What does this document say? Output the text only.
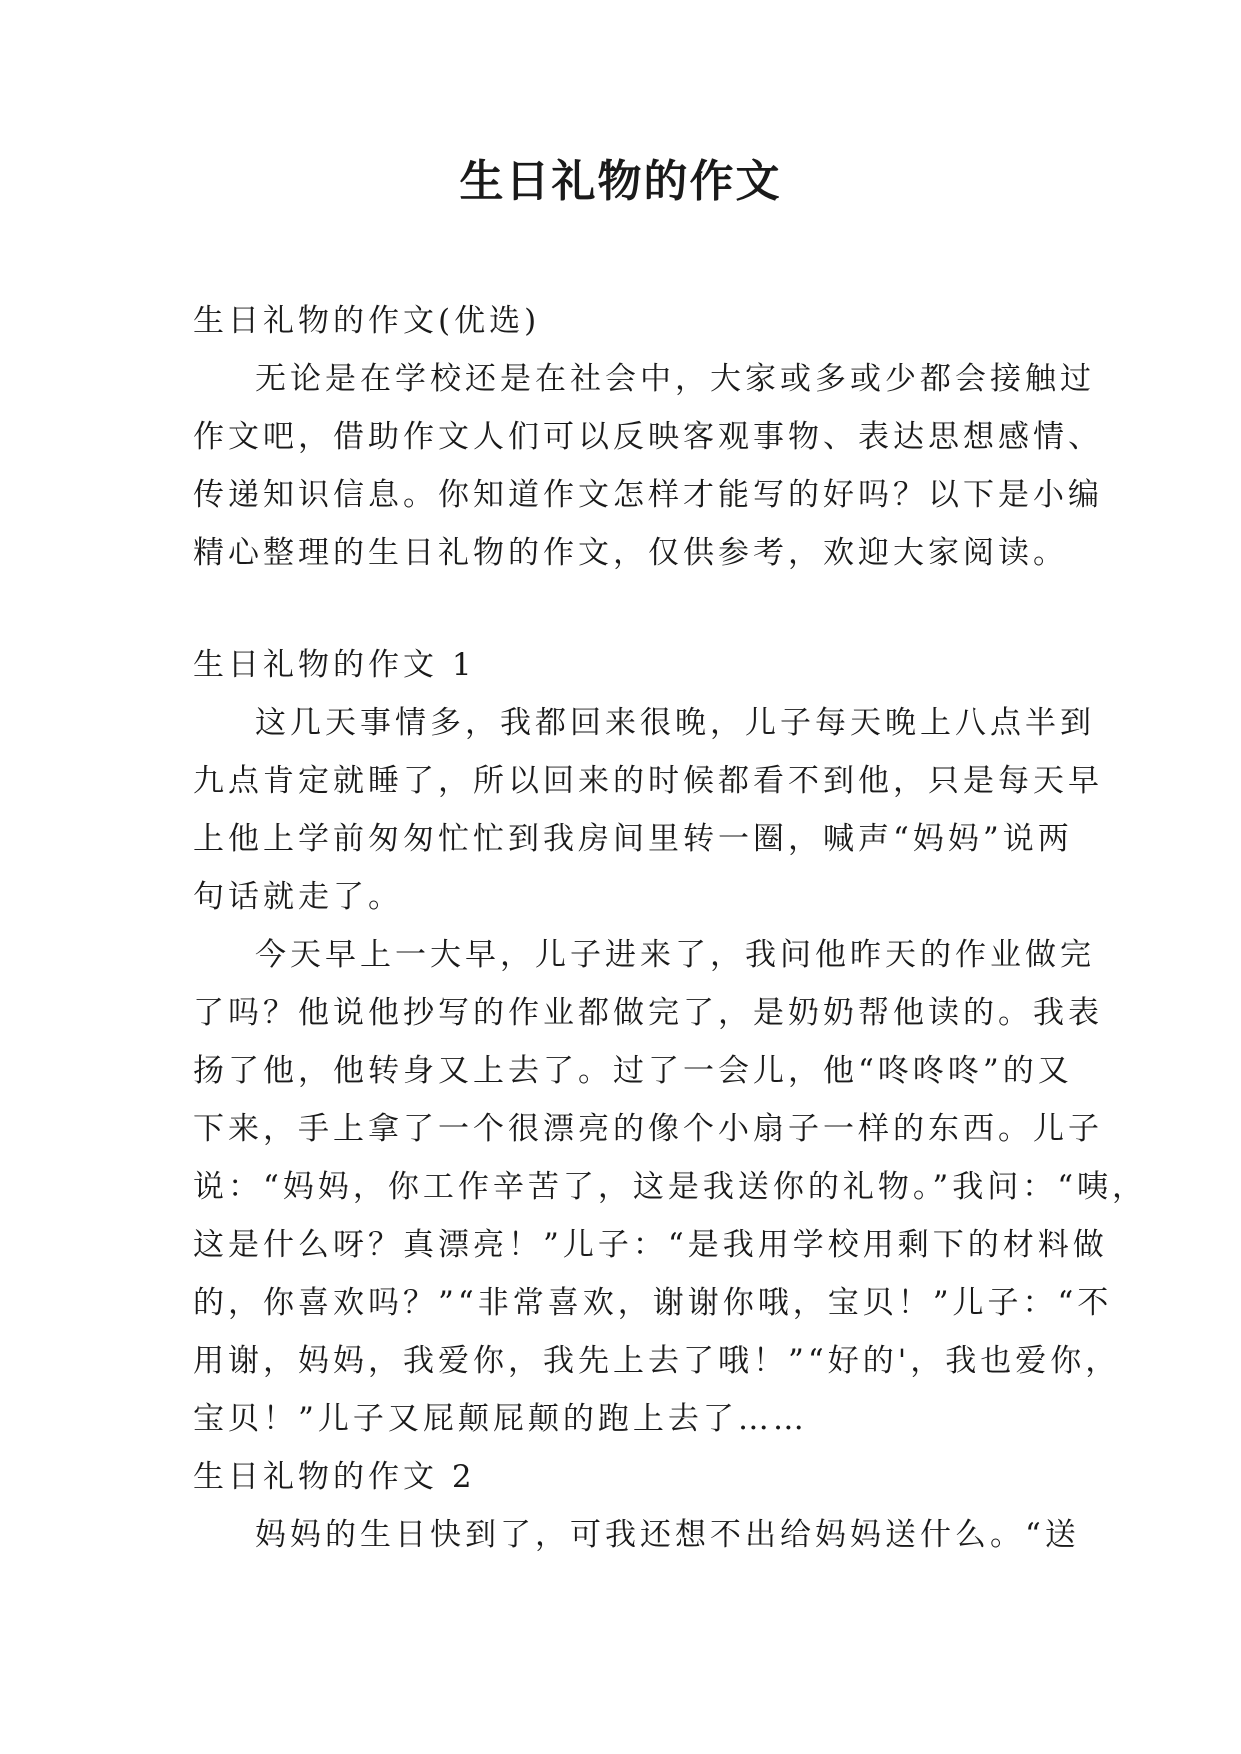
生日礼物的作文

生日礼物的作文(优选)

无论是在学校还是在社会中，大家或多或少都会接触过

作文吧，借助作文人们可以反映客观事物、表达思想感情、

传递知识信息。你知道作文怎样才能写的好吗？以下是小编

精心整理的生日礼物的作文，仅供参考，欢迎大家阅读。

生日礼物的作文 1

这几天事情多，我都回来很晚，儿子每天晚上八点半到

九点肯定就睡了，所以回来的时候都看不到他，只是每天早

上他上学前匆匆忙忙到我房间里转一圈，喊声“妈妈”说两

句话就走了。

今天早上一大早，儿子进来了，我问他昨天的作业做完

了吗？他说他抄写的作业都做完了，是奶奶帮他读的。我表

扬了他，他转身又上去了。过了一会儿，他“咚咚咚”的又

下来，手上拿了一个很漂亮的像个小扇子一样的东西。儿子

说：“妈妈，你工作辛苦了，这是我送你的礼物。”我问：“咦，

这是什么呀？真漂亮！”儿子：“是我用学校用剩下的材料做

的，你喜欢吗？”“非常喜欢，谢谢你哦，宝贝！”儿子：“不

用谢，妈妈，我爱你，我先上去了哦！”“好的'，我也爱你，

宝贝！”儿子又屁颠屁颠的跑上去了……

生日礼物的作文 2

妈妈的生日快到了，可我还想不出给妈妈送什么。“送
